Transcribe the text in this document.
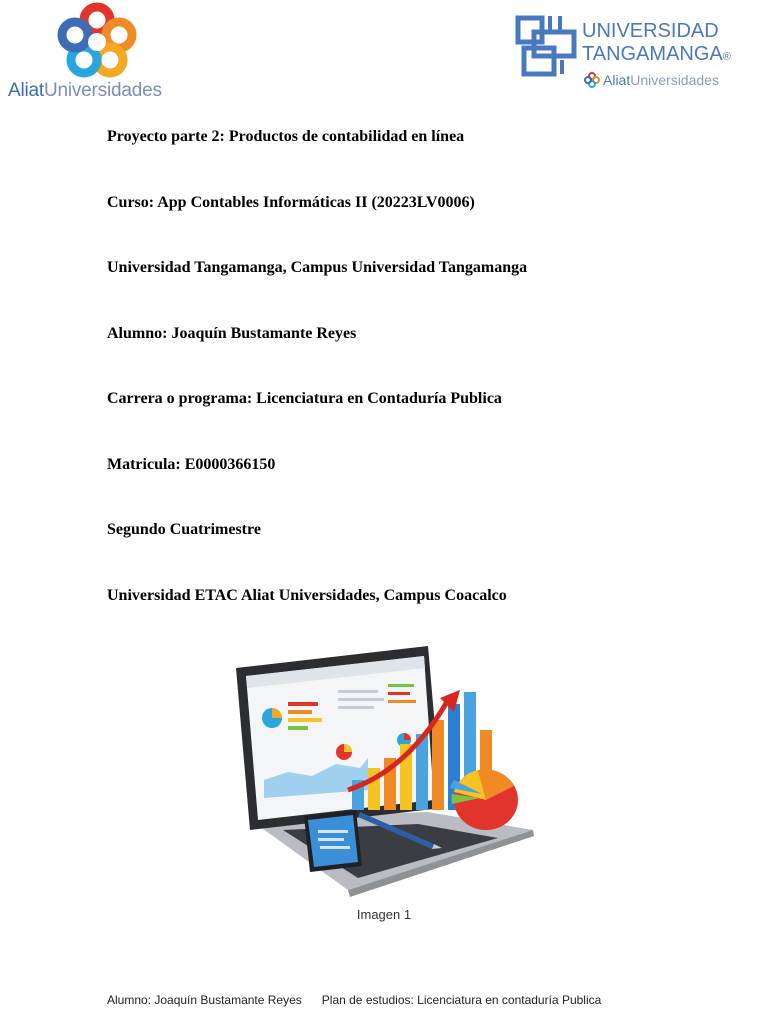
AliatUniversidades
UNIVERSIDAD
TANGAMANGA®
AliatUniversidades
Proyecto parte 2: Productos de contabilidad en línea
Curso: App Contables Informáticas II (20223LV0006)
Universidad Tangamanga, Campus Universidad Tangamanga
Alumno: Joaquín Bustamante Reyes
Carrera o programa: Licenciatura en Contaduría Publica
Matricula: E0000366150
Segundo Cuatrimestre
Universidad ETAC Aliat Universidades, Campus Coacalco
Imagen 1
Alumno: Joaquín Bustamante Reyes Plan de estudios: Licenciatura en contaduría Publica
